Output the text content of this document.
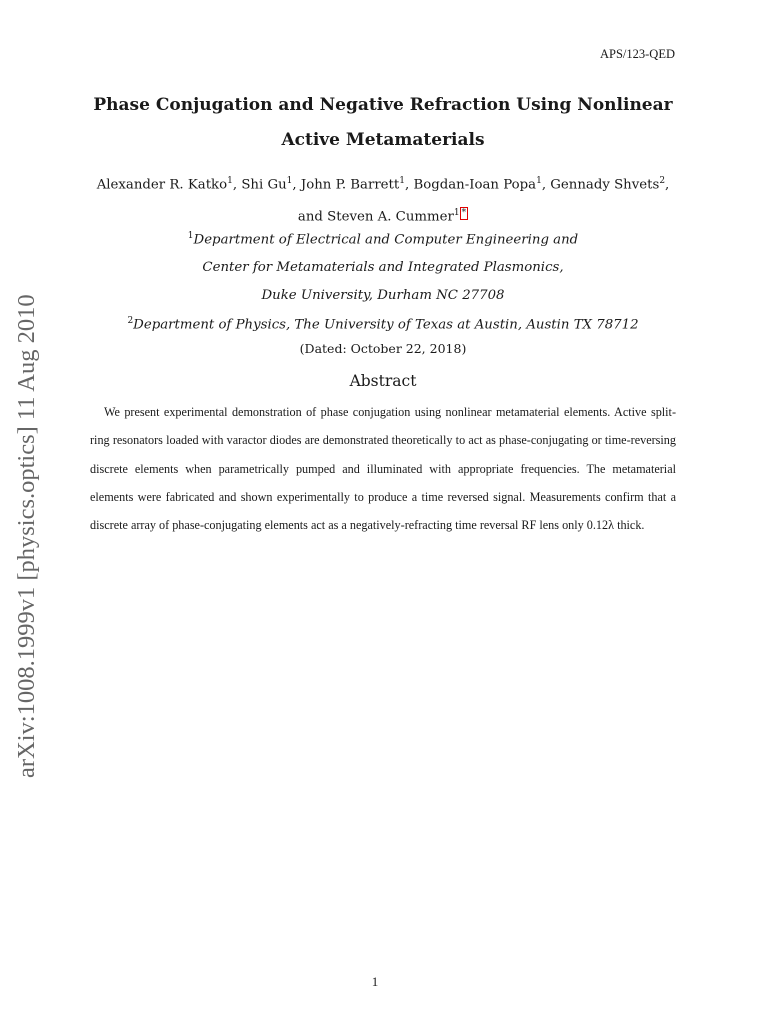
APS/123-QED
Phase Conjugation and Negative Refraction Using Nonlinear Active Metamaterials
Alexander R. Katko$^1$, Shi Gu$^1$, John P. Barrett$^1$, Bogdan-Ioan Popa$^1$, Gennady Shvets$^2$, and Steven A. Cummer$^1$ *
$^1$Department of Electrical and Computer Engineering and
Center for Metamaterials and Integrated Plasmonics,
Duke University, Durham NC 27708
$^2$Department of Physics, The University of Texas at Austin, Austin TX 78712
(Dated: October 22, 2018)
Abstract

We present experimental demonstration of phase conjugation using nonlinear metamaterial elements. Active split-ring resonators loaded with varactor diodes are demonstrated theoretically to act as phase-conjugating or time-reversing discrete elements when parametrically pumped and illuminated with appropriate frequencies. The metamaterial elements were fabricated and shown experimentally to produce a time reversed signal. Measurements confirm that a discrete array of phase-conjugating elements act as a negatively-refracting time reversal RF lens only 0.12λ thick.

arXiv:1008.1999v1 [physics.optics] 11 Aug 2010
1
